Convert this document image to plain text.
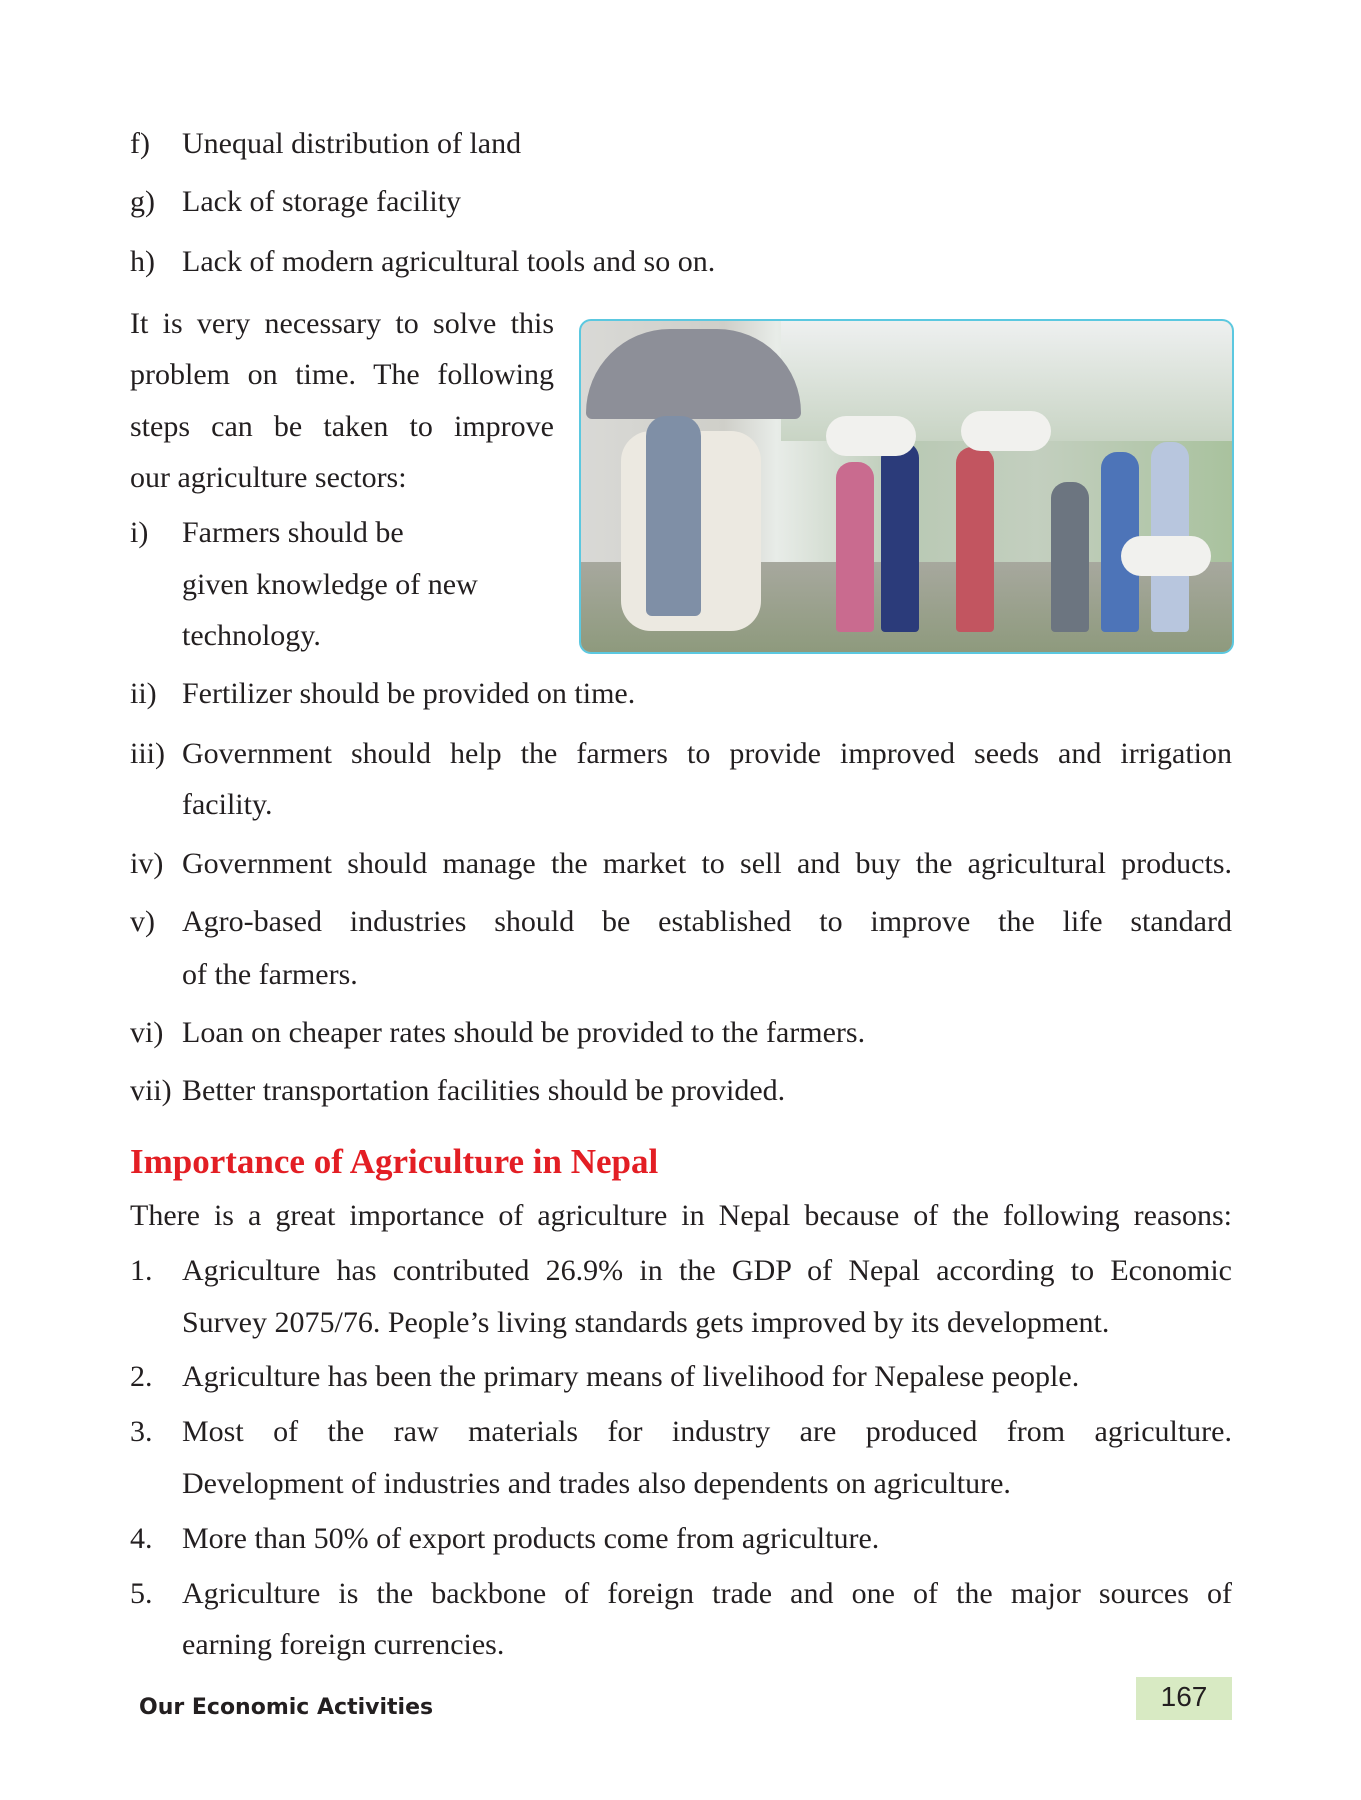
f) Unequal distribution of land
g) Lack of storage facility
h) Lack of modern agricultural tools and so on.
It is very necessary to solve this
problem on time. The following
steps can be taken to improve
our agriculture sectors:
i) Farmers should be
given knowledge of new
technology.
ii) Fertilizer should be provided on time.
iii) Government should help the farmers to provide improved seeds and irrigation
facility.
iv) Government should manage the market to sell and buy the agricultural products.
v) Agro-based industries should be established to improve the life standard
of the farmers.
vi) Loan on cheaper rates should be provided to the farmers.
vii) Better transportation facilities should be provided.
Importance of Agriculture in Nepal
There is a great importance of agriculture in Nepal because of the following reasons:
1. Agriculture has contributed 26.9% in the GDP of Nepal according to Economic
Survey 2075/76. People’s living standards gets improved by its development.
2. Agriculture has been the primary means of livelihood for Nepalese people.
3. Most of the raw materials for industry are produced from agriculture.
Development of industries and trades also dependents on agriculture.
4. More than 50% of export products come from agriculture.
5. Agriculture is the backbone of foreign trade and one of the major sources of
earning foreign currencies.
Our Economic Activities	167
